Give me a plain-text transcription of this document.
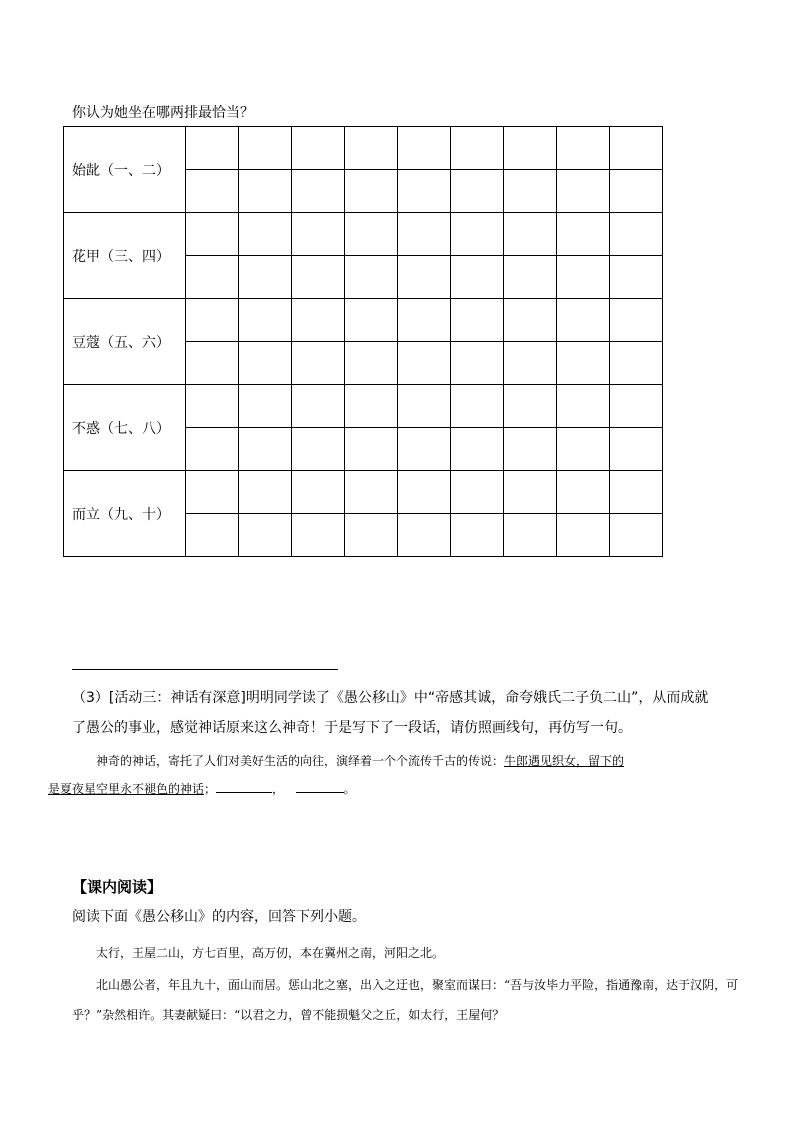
你认为她坐在哪两排最恰当？
始龀（一、二）									

花甲（三、四）									

豆蔻（五、六）									

不惑（七、八）									

而立（九、十）									

（3）[活动三：神话有深意]明明同学读了《愚公移山》中“帝感其诚，命夸娥氏二子负二山”，从而成就
了愚公的事业，感觉神话原来这么神奇！于是写下了一段话，请仿照画线句，再仿写一句。
神奇的神话，寄托了人们对美好生活的向往，演绎着一个个流传千古的传说：牛郎遇见织女，留下的
是夏夜星空里永不褪色的神话；	，	。
【课内阅读】
阅读下面《愚公移山》的内容，回答下列小题。
太行，王屋二山，方七百里，高万仞，本在冀州之南，河阳之北。
北山愚公者，年且九十，面山而居。惩山北之塞，出入之迂也，聚室而谋曰：“吾与汝毕力平险，指通豫南，达于汉阴，可乎？”杂然相许。其妻献疑曰：“以君之力，曾不能损魁父之丘，如太行，王屋何？
